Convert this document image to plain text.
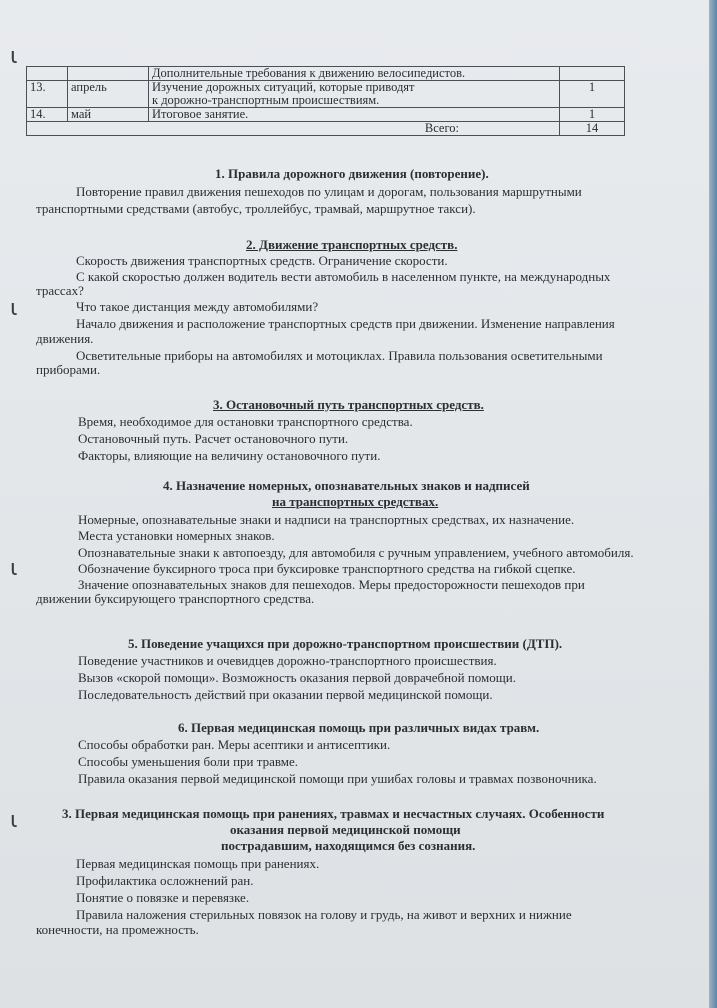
ɩ
ɩ
ɩ
ɩ
		Дополнительные требования к движению велосипедистов.	
13.	апрель	Изучение дорожных ситуаций, которые приводят
к дорожно-транспортным происшествиям.	1
14.	май	Итоговое занятие.	1
Всего:			14
1. Правила дорожного движения (повторение).
Повторение правил движения пешеходов по улицам и дорогам, пользования маршрутными
транспортными средствами (автобус, троллейбус, трамвай, маршрутное такси).
2. Движение транспортных средств.
Скорость движения транспортных средств. Ограничение скорости.
С какой скоростью должен водитель вести автомобиль в населенном пункте, на международных
трассах?
Что такое дистанция между автомобилями?
Начало движения и расположение транспортных средств при движении. Изменение направления
движения.
Осветительные приборы на автомобилях и мотоциклах. Правила пользования осветительными
приборами.
3. Остановочный путь транспортных средств.
Время, необходимое для остановки транспортного средства.
Остановочный путь. Расчет остановочного пути.
Факторы, влияющие на величину остановочного пути.
4. Назначение номерных, опознавательных знаков и надписей
на транспортных средствах.
Номерные, опознавательные знаки и надписи на транспортных средствах, их назначение.
Места установки номерных знаков.
Опознавательные знаки к автопоезду, для автомобиля с ручным управлением, учебного автомобиля.
Обозначение буксирного троса при буксировке транспортного средства на гибкой сцепке.
Значение опознавательных знаков для пешеходов. Меры предосторожности пешеходов при
движении буксирующего транспортного средства.
5. Поведение учащихся при дорожно-транспортном происшествии (ДТП).
Поведение участников и очевидцев дорожно-транспортного происшествия.
Вызов «скорой помощи». Возможность оказания первой доврачебной помощи.
Последовательность действий при оказании первой медицинской помощи.
6. Первая медицинская помощь при различных видах травм.
Способы обработки ран. Меры асептики и антисептики.
Способы уменьшения боли при травме.
Правила оказания первой медицинской помощи при ушибах головы и травмах позвоночника.
3. Первая медицинская помощь при ранениях, травмах и несчастных случаях. Особенности
оказания первой медицинской помощи
пострадавшим, находящимся без сознания.
Первая медицинская помощь при ранениях.
Профилактика осложнений ран.
Понятие о повязке и перевязке.
Правила наложения стерильных повязок на голову и грудь, на живот и верхних и нижние
конечности, на промежность.
